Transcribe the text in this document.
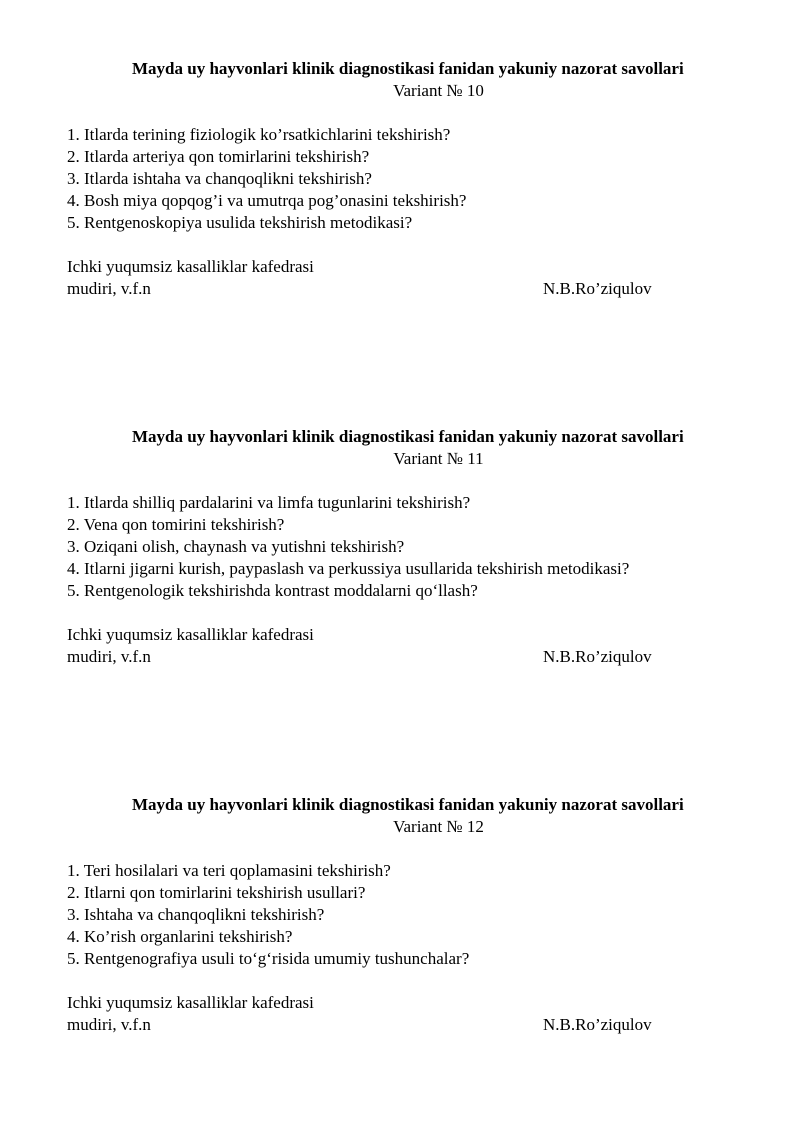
Mayda uy hayvonlari klinik diagnostikasi fanidan yakuniy nazorat savollari
Variant № 10
1. Itlarda terining fiziologik ko’rsatkichlarini tekshirish?
2. Itlarda arteriya qon tomirlarini tekshirish?
3. Itlarda ishtaha va chanqoqlikni tekshirish?
4. Bosh miya qopqog’i va umutrqa pog’onasini tekshirish?
5. Rentgenoskopiya usulida tekshirish metodikasi?
Ichki yuqumsiz kasalliklar kafedrasi
mudiri, v.f.n	N.B.Ro’ziqulov
Mayda uy hayvonlari klinik diagnostikasi fanidan yakuniy nazorat savollari
Variant № 11
1. Itlarda shilliq pardalarini va limfa tugunlarini tekshirish?
2. Vena qon tomirini tekshirish?
3. Oziqani olish, chaynash va yutishni tekshirish?
4. Itlarni jigarni kurish, paypaslash va perkussiya usullarida tekshirish metodikasi?
5. Rentgenologik tekshirishda kontrast moddalarni qo‘llash?
Ichki yuqumsiz kasalliklar kafedrasi
mudiri, v.f.n	N.B.Ro’ziqulov
Mayda uy hayvonlari klinik diagnostikasi fanidan yakuniy nazorat savollari
Variant № 12
1. Teri hosilalari va teri qoplamasini tekshirish?
2. Itlarni qon tomirlarini tekshirish usullari?
3. Ishtaha va chanqoqlikni tekshirish?
4. Ko’rish organlarini tekshirish?
5. Rentgenografiya usuli to‘g‘risida umumiy tushunchalar?
Ichki yuqumsiz kasalliklar kafedrasi
mudiri, v.f.n	N.B.Ro’ziqulov
